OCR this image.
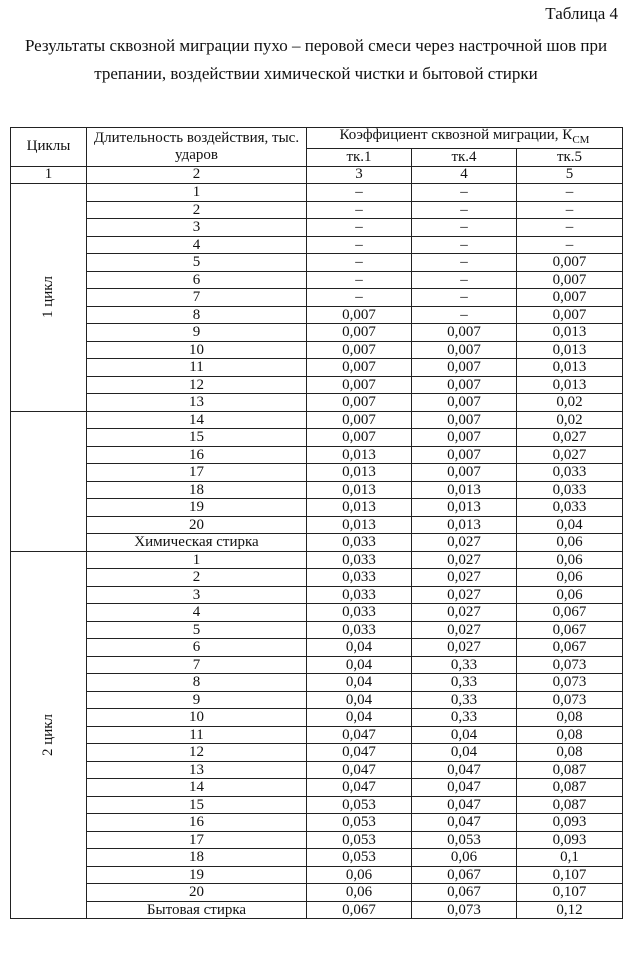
Таблица 4
Результаты сквозной миграции пухо – перовой смеси через настрочной шов при трепании, воздействии химической чистки и бытовой стирки
Циклы	Длительность воздействия, тыс. ударов	Коэффициент сквозной миграции, $К_{СМ}$
		тк.1	тк.4	тк.5
1	2	3	4	5
1 цикл	1	–	–	–
	2	–	–	–
	3	–	–	–
	4	–	–	–
	5	–	–	0,007
	6	–	–	0,007
	7	–	–	0,007
	8	0,007	–	0,007
	9	0,007	0,007	0,013
	10	0,007	0,007	0,013
	11	0,007	0,007	0,013
	12	0,007	0,007	0,013
	13	0,007	0,007	0,02
	14	0,007	0,007	0,02
	15	0,007	0,007	0,027
	16	0,013	0,007	0,027
	17	0,013	0,007	0,033
	18	0,013	0,013	0,033
	19	0,013	0,013	0,033
	20	0,013	0,013	0,04
	Химическая стирка	0,033	0,027	0,06
2 цикл	1	0,033	0,027	0,06
	2	0,033	0,027	0,06
	3	0,033	0,027	0,06
	4	0,033	0,027	0,067
	5	0,033	0,027	0,067
	6	0,04	0,027	0,067
	7	0,04	0,33	0,073
	8	0,04	0,33	0,073
	9	0,04	0,33	0,073
	10	0,04	0,33	0,08
	11	0,047	0,04	0,08
	12	0,047	0,04	0,08
	13	0,047	0,047	0,087
	14	0,047	0,047	0,087
	15	0,053	0,047	0,087
	16	0,053	0,047	0,093
	17	0,053	0,053	0,093
	18	0,053	0,06	0,1
	19	0,06	0,067	0,107
	20	0,06	0,067	0,107
	Бытовая стирка	0,067	0,073	0,12
